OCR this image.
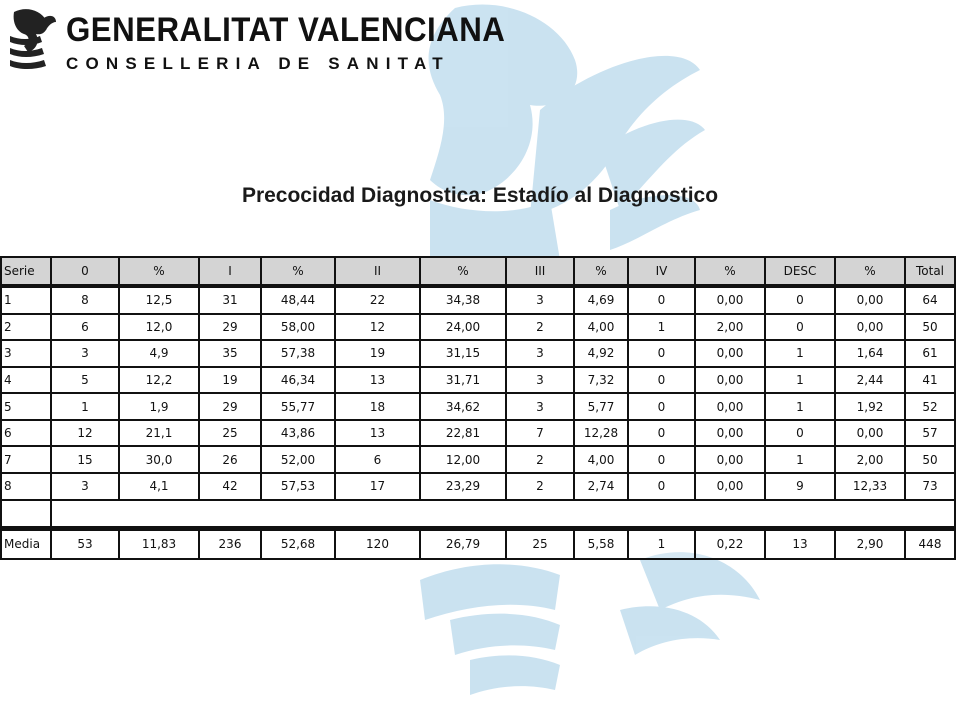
GENERALITAT VALENCIANA
CONSELLERIA DE SANITAT
Precocidad Diagnostica: Estadío al Diagnostico
Serie	0	%	I	%	II	%	III	%	IV	%	DESC	%	Total
1	8	12,5	31	48,44	22	34,38	3	4,69	0	0,00	0	0,00	64
2	6	12,0	29	58,00	12	24,00	2	4,00	1	2,00	0	0,00	50
3	3	4,9	35	57,38	19	31,15	3	4,92	0	0,00	1	1,64	61
4	5	12,2	19	46,34	13	31,71	3	7,32	0	0,00	1	2,44	41
5	1	1,9	29	55,77	18	34,62	3	5,77	0	0,00	1	1,92	52
6	12	21,1	25	43,86	13	22,81	7	12,28	0	0,00	0	0,00	57
7	15	30,0	26	52,00	6	12,00	2	4,00	0	0,00	1	2,00	50
8	3	4,1	42	57,53	17	23,29	2	2,74	0	0,00	9	12,33	73

Media	53	11,83	236	52,68	120	26,79	25	5,58	1	0,22	13	2,90	448
